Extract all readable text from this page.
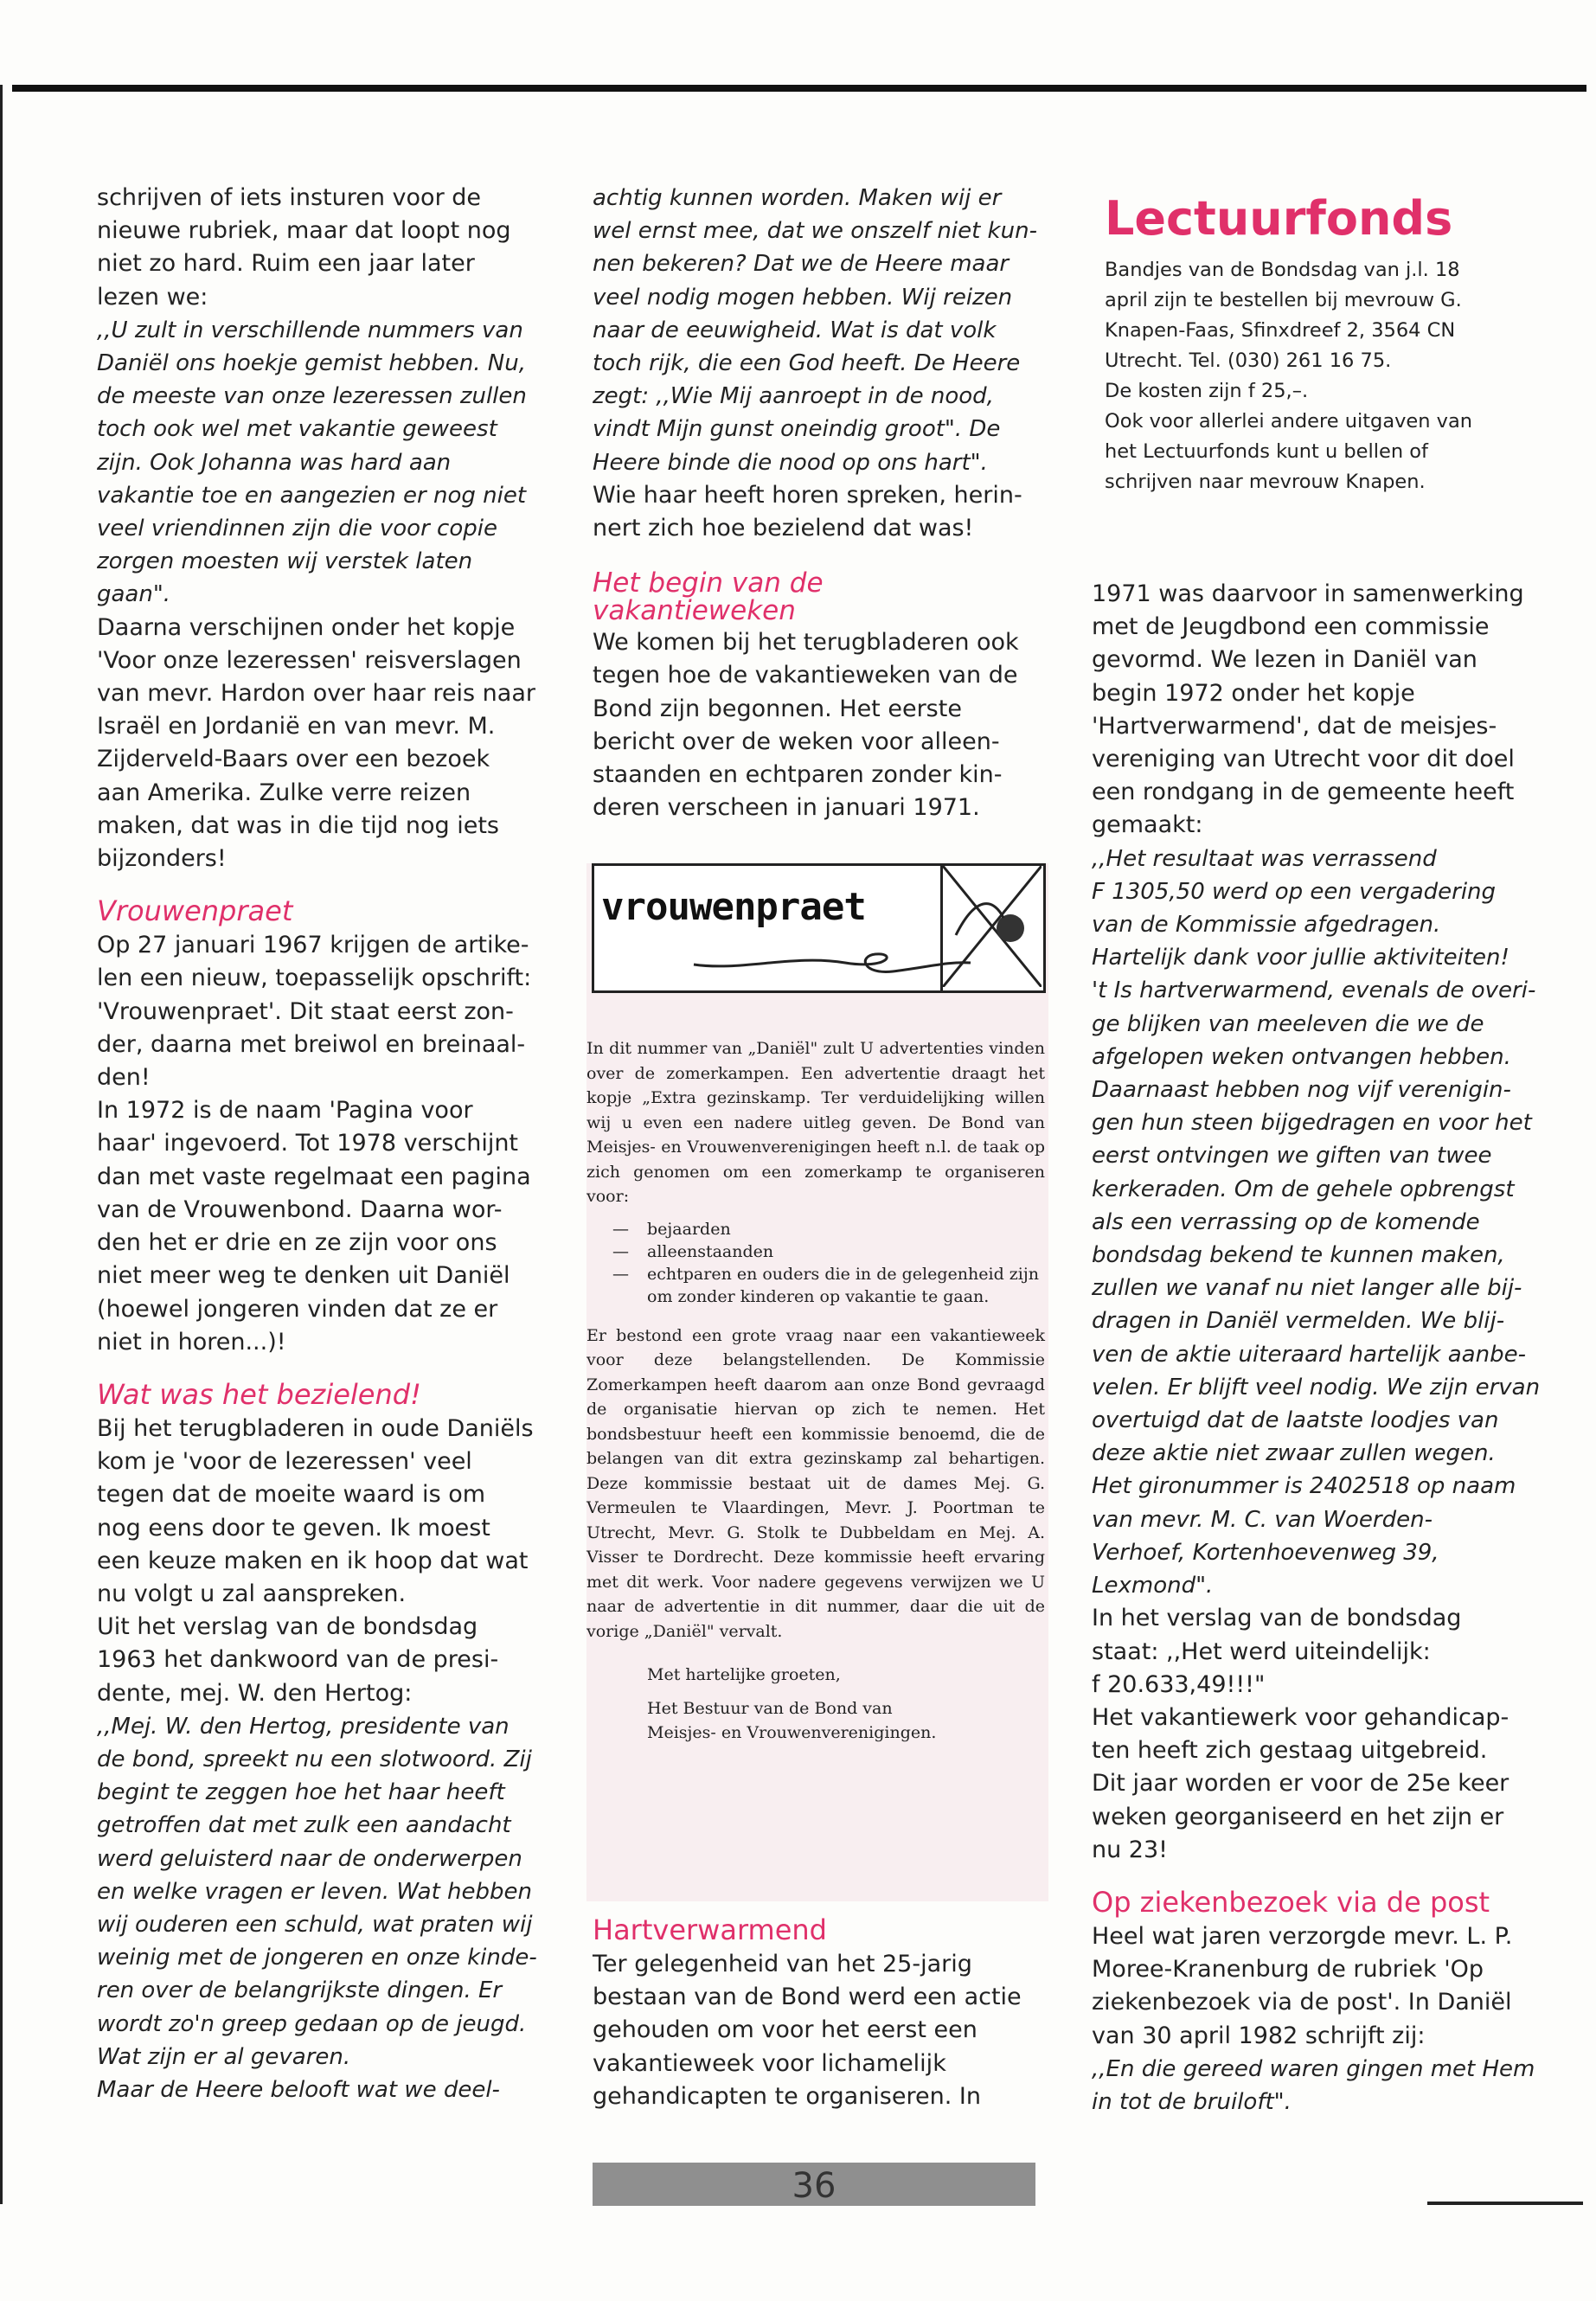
schrijven of iets insturen voor de
nieuwe rubriek, maar dat loopt nog
niet zo hard. Ruim een jaar later
lezen we:

,,U zult in verschillende nummers van
Daniël ons hoekje gemist hebben. Nu,
de meeste van onze lezeressen zullen
toch ook wel met vakantie geweest
zijn. Ook Johanna was hard aan
vakantie toe en aangezien er nog niet
veel vriendinnen zijn die voor copie
zorgen moesten wij verstek laten
gaan".

Daarna verschijnen onder het kopje
'Voor onze lezeressen' reisverslagen
van mevr. Hardon over haar reis naar
Israël en Jordanië en van mevr. M.
Zijderveld-Baars over een bezoek
aan Amerika. Zulke verre reizen
maken, dat was in die tijd nog iets
bijzonders!

Vrouwenpraet

Op 27 januari 1967 krijgen de artike-
len een nieuw, toepasselijk opschrift:
'Vrouwenpraet'. Dit staat eerst zon-
der, daarna met breiwol en breinaal-
den!

In 1972 is de naam 'Pagina voor
haar' ingevoerd. Tot 1978 verschijnt
dan met vaste regelmaat een pagina
van de Vrouwenbond. Daarna wor-
den het er drie en ze zijn voor ons
niet meer weg te denken uit Daniël
(hoewel jongeren vinden dat ze er
niet in horen...)!

Wat was het bezielend!

Bij het terugbladeren in oude Daniëls
kom je 'voor de lezeressen' veel
tegen dat de moeite waard is om
nog eens door te geven. Ik moest
een keuze maken en ik hoop dat wat
nu volgt u zal aanspreken.
Uit het verslag van de bondsdag
1963 het dankwoord van de presi-
dente, mej. W. den Hertog:

,,Mej. W. den Hertog, presidente van
de bond, spreekt nu een slotwoord. Zij
begint te zeggen hoe het haar heeft
getroffen dat met zulk een aandacht
werd geluisterd naar de onderwerpen
en welke vragen er leven. Wat hebben
wij ouderen een schuld, wat praten wij
weinig met de jongeren en onze kinde-
ren over de belangrijkste dingen. Er
wordt zo'n greep gedaan op de jeugd.
Wat zijn er al gevaren.
Maar de Heere belooft wat we deel-

achtig kunnen worden. Maken wij er
wel ernst mee, dat we onszelf niet kun-
nen bekeren? Dat we de Heere maar
veel nodig mogen hebben. Wij reizen
naar de eeuwigheid. Wat is dat volk
toch rijk, die een God heeft. De Heere
zegt: ,,Wie Mij aanroept in de nood,
vindt Mijn gunst oneindig groot". De
Heere binde die nood op ons hart".

Wie haar heeft horen spreken, herin-
nert zich hoe bezielend dat was!

Het begin van de
vakantieweken

We komen bij het terugbladeren ook
tegen hoe de vakantieweken van de
Bond zijn begonnen. Het eerste
bericht over de weken voor alleen-
staanden en echtparen zonder kin-
deren verscheen in januari 1971.

vrouwenpraet

In dit nummer van „Daniël" zult U advertenties vinden over de zomerkampen. Een advertentie draagt het kopje „Extra gezinskamp. Ter verduidelijking willen wij u even een nadere uitleg geven. De Bond van Meisjes- en Vrouwenverenigingen heeft n.l. de taak op zich genomen om een zomerkamp te organiseren voor:

— bejaarden
— alleenstaanden
— echtparen en ouders die in de gelegenheid zijn om zonder kinderen op vakantie te gaan.

Er bestond een grote vraag naar een vakantieweek voor deze belangstellenden. De Kommissie Zomerkampen heeft daarom aan onze Bond gevraagd de organisatie hiervan op zich te nemen. Het bondsbestuur heeft een kommissie benoemd, die de belangen van dit extra gezinskamp zal behartigen. Deze kommissie bestaat uit de dames Mej. G. Vermeulen te Vlaardingen, Mevr. J. Poortman te Utrecht, Mevr. G. Stolk te Dubbeldam en Mej. A. Visser te Dordrecht. Deze kommissie heeft ervaring met dit werk. Voor nadere gegevens verwijzen we U naar de advertentie in dit nummer, daar die uit de vorige „Daniël" vervalt.

Met hartelijke groeten,

Het Bestuur van de Bond van
Meisjes- en Vrouwenverenigingen.

Hartverwarmend

Ter gelegenheid van het 25-jarig
bestaan van de Bond werd een actie
gehouden om voor het eerst een
vakantieweek voor lichamelijk
gehandicapten te organiseren. In

Lectuurfonds

Bandjes van de Bondsdag van j.l. 18
april zijn te bestellen bij mevrouw G.
Knapen-Faas, Sfinxdreef 2, 3564 CN
Utrecht. Tel. (030) 261 16 75.
De kosten zijn f 25,–.
Ook voor allerlei andere uitgaven van
het Lectuurfonds kunt u bellen of
schrijven naar mevrouw Knapen.

1971 was daarvoor in samenwerking
met de Jeugdbond een commissie
gevormd. We lezen in Daniël van
begin 1972 onder het kopje
'Hartverwarmend', dat de meisjes-
vereniging van Utrecht voor dit doel
een rondgang in de gemeente heeft
gemaakt:

,,Het resultaat was verrassend
F 1305,50 werd op een vergadering
van de Kommissie afgedragen.
Hartelijk dank voor jullie aktiviteiten!
't Is hartverwarmend, evenals de overi-
ge blijken van meeleven die we de
afgelopen weken ontvangen hebben.
Daarnaast hebben nog vijf verenigin-
gen hun steen bijgedragen en voor het
eerst ontvingen we giften van twee
kerkeraden. Om de gehele opbrengst
als een verrassing op de komende
bondsdag bekend te kunnen maken,
zullen we vanaf nu niet langer alle bij-
dragen in Daniël vermelden. We blij-
ven de aktie uiteraard hartelijk aanbe-
velen. Er blijft veel nodig. We zijn ervan
overtuigd dat de laatste loodjes van
deze aktie niet zwaar zullen wegen.
Het gironummer is 2402518 op naam
van mevr. M. C. van Woerden-
Verhoef, Kortenhoevenweg 39,
Lexmond".

In het verslag van de bondsdag
staat: ,,Het werd uiteindelijk:
f 20.633,49!!!"

Het vakantiewerk voor gehandicap-
ten heeft zich gestaag uitgebreid.
Dit jaar worden er voor de 25e keer
weken georganiseerd en het zijn er
nu 23!

Op ziekenbezoek via de post

Heel wat jaren verzorgde mevr. L. P.
Moree-Kranenburg de rubriek 'Op
ziekenbezoek via de post'. In Daniël
van 30 april 1982 schrijft zij:

,,En die gereed waren gingen met Hem
in tot de bruiloft".

36
